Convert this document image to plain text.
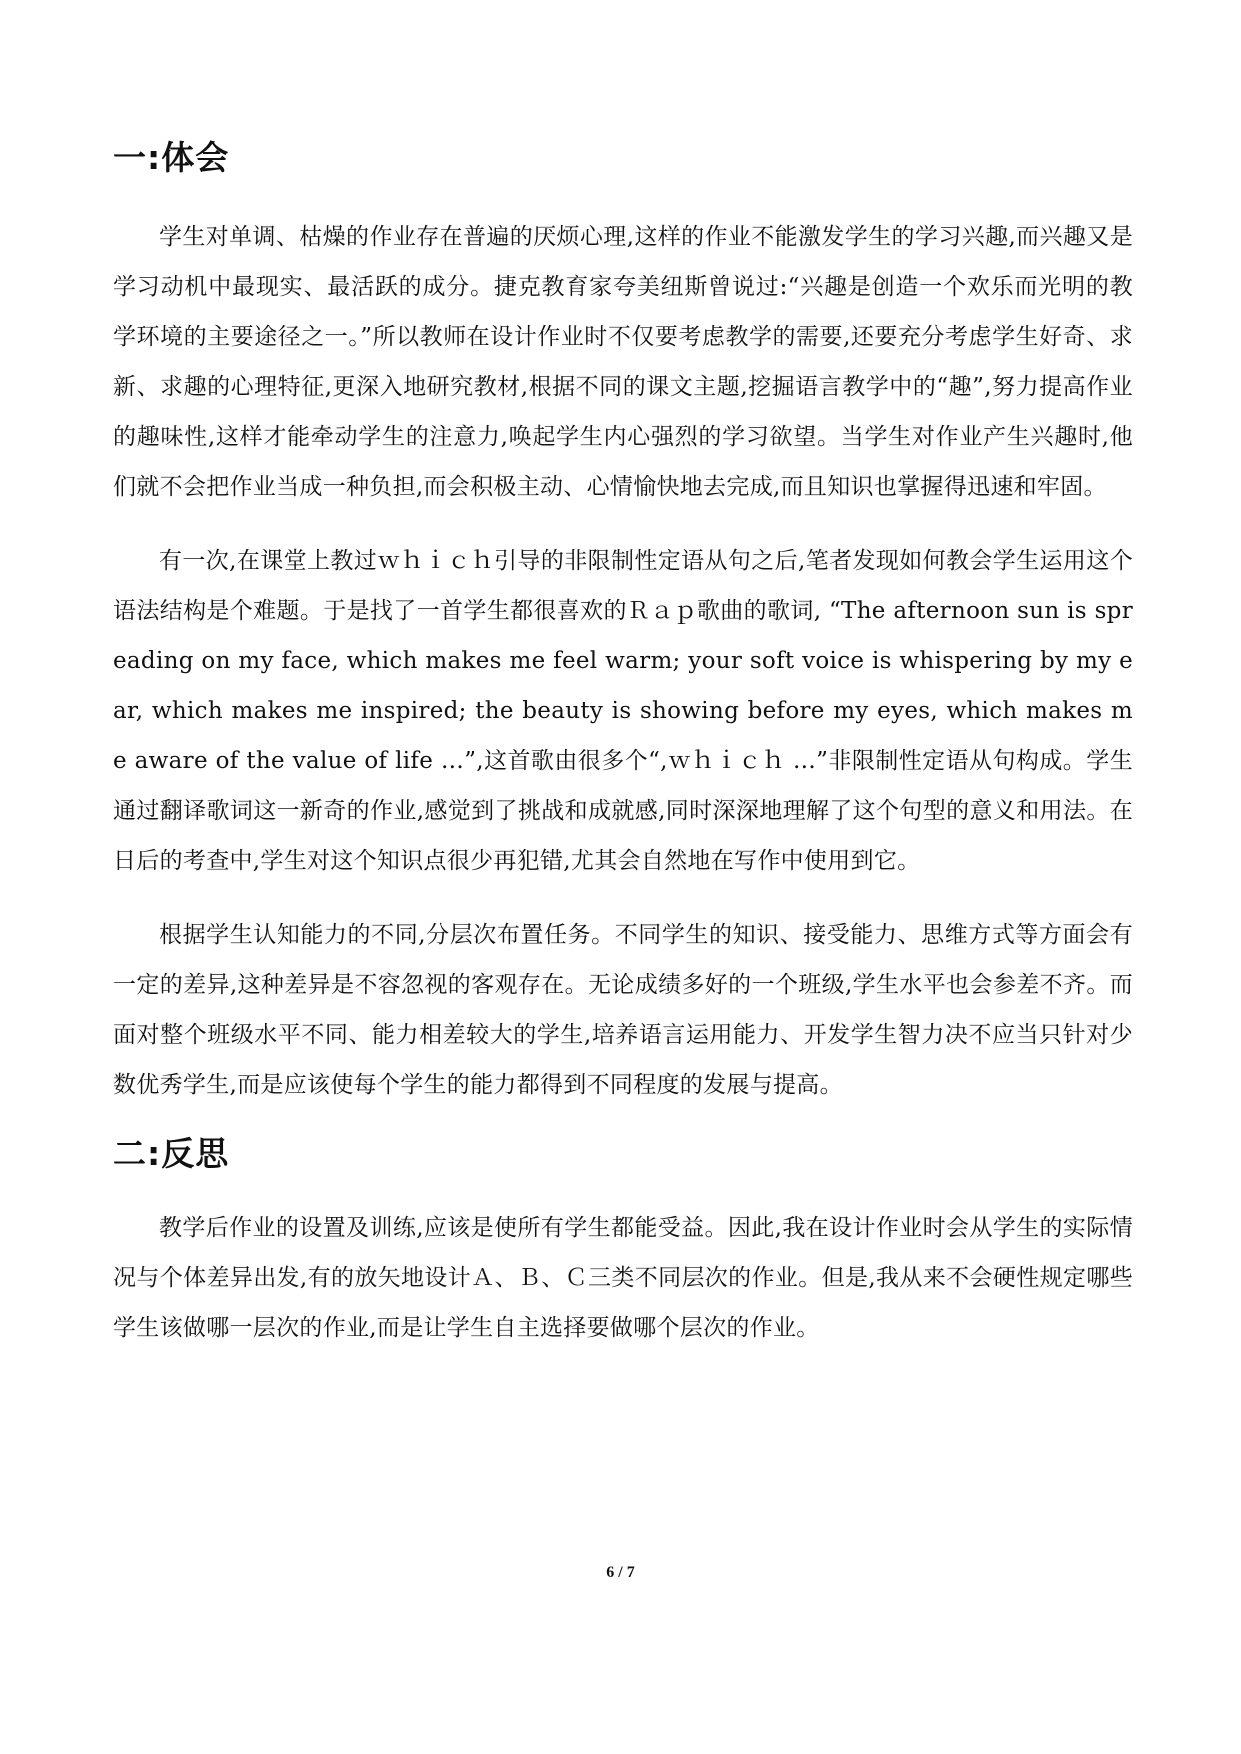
一:体会

学生对单调、枯燥的作业存在普遍的厌烦心理,这样的作业不能激发学生的学习兴趣,而兴趣又是学习动机中最现实、最活跃的成分。捷克教育家夸美纽斯曾说过:“兴趣是创造一个欢乐而光明的教学环境的主要途径之一。”所以教师在设计作业时不仅要考虑教学的需要,还要充分考虑学生好奇、求新、求趣的心理特征,更深入地研究教材,根据不同的课文主题,挖掘语言教学中的“趣”,努力提高作业的趣味性,这样才能牵动学生的注意力,唤起学生内心强烈的学习欲望。当学生对作业产生兴趣时,他们就不会把作业当成一种负担,而会积极主动、心情愉快地去完成,而且知识也掌握得迅速和牢固。

有一次,在课堂上教过ｗｈｉｃｈ引导的非限制性定语从句之后,笔者发现如何教会学生运用这个语法结构是个难题。于是找了一首学生都很喜欢的Ｒａｐ歌曲的歌词, “The afternoon sun is spreading on my face, which makes me feel warm; your soft voice is whispering by my ear, which makes me inspired; the beauty is showing before my eyes, which makes me aware of the value of life …”,这首歌由很多个“,ｗｈｉｃｈ …”非限制性定语从句构成。学生通过翻译歌词这一新奇的作业,感觉到了挑战和成就感,同时深深地理解了这个句型的意义和用法。在日后的考查中,学生对这个知识点很少再犯错,尤其会自然地在写作中使用到它。

根据学生认知能力的不同,分层次布置任务。不同学生的知识、接受能力、思维方式等方面会有一定的差异,这种差异是不容忽视的客观存在。无论成绩多好的一个班级,学生水平也会参差不齐。而面对整个班级水平不同、能力相差较大的学生,培养语言运用能力、开发学生智力决不应当只针对少数优秀学生,而是应该使每个学生的能力都得到不同程度的发展与提高。

二:反思

教学后作业的设置及训练,应该是使所有学生都能受益。因此,我在设计作业时会从学生的实际情况与个体差异出发,有的放矢地设计Ａ、Ｂ、Ｃ三类不同层次的作业。但是,我从来不会硬性规定哪些学生该做哪一层次的作业,而是让学生自主选择要做哪个层次的作业。

6 / 7
